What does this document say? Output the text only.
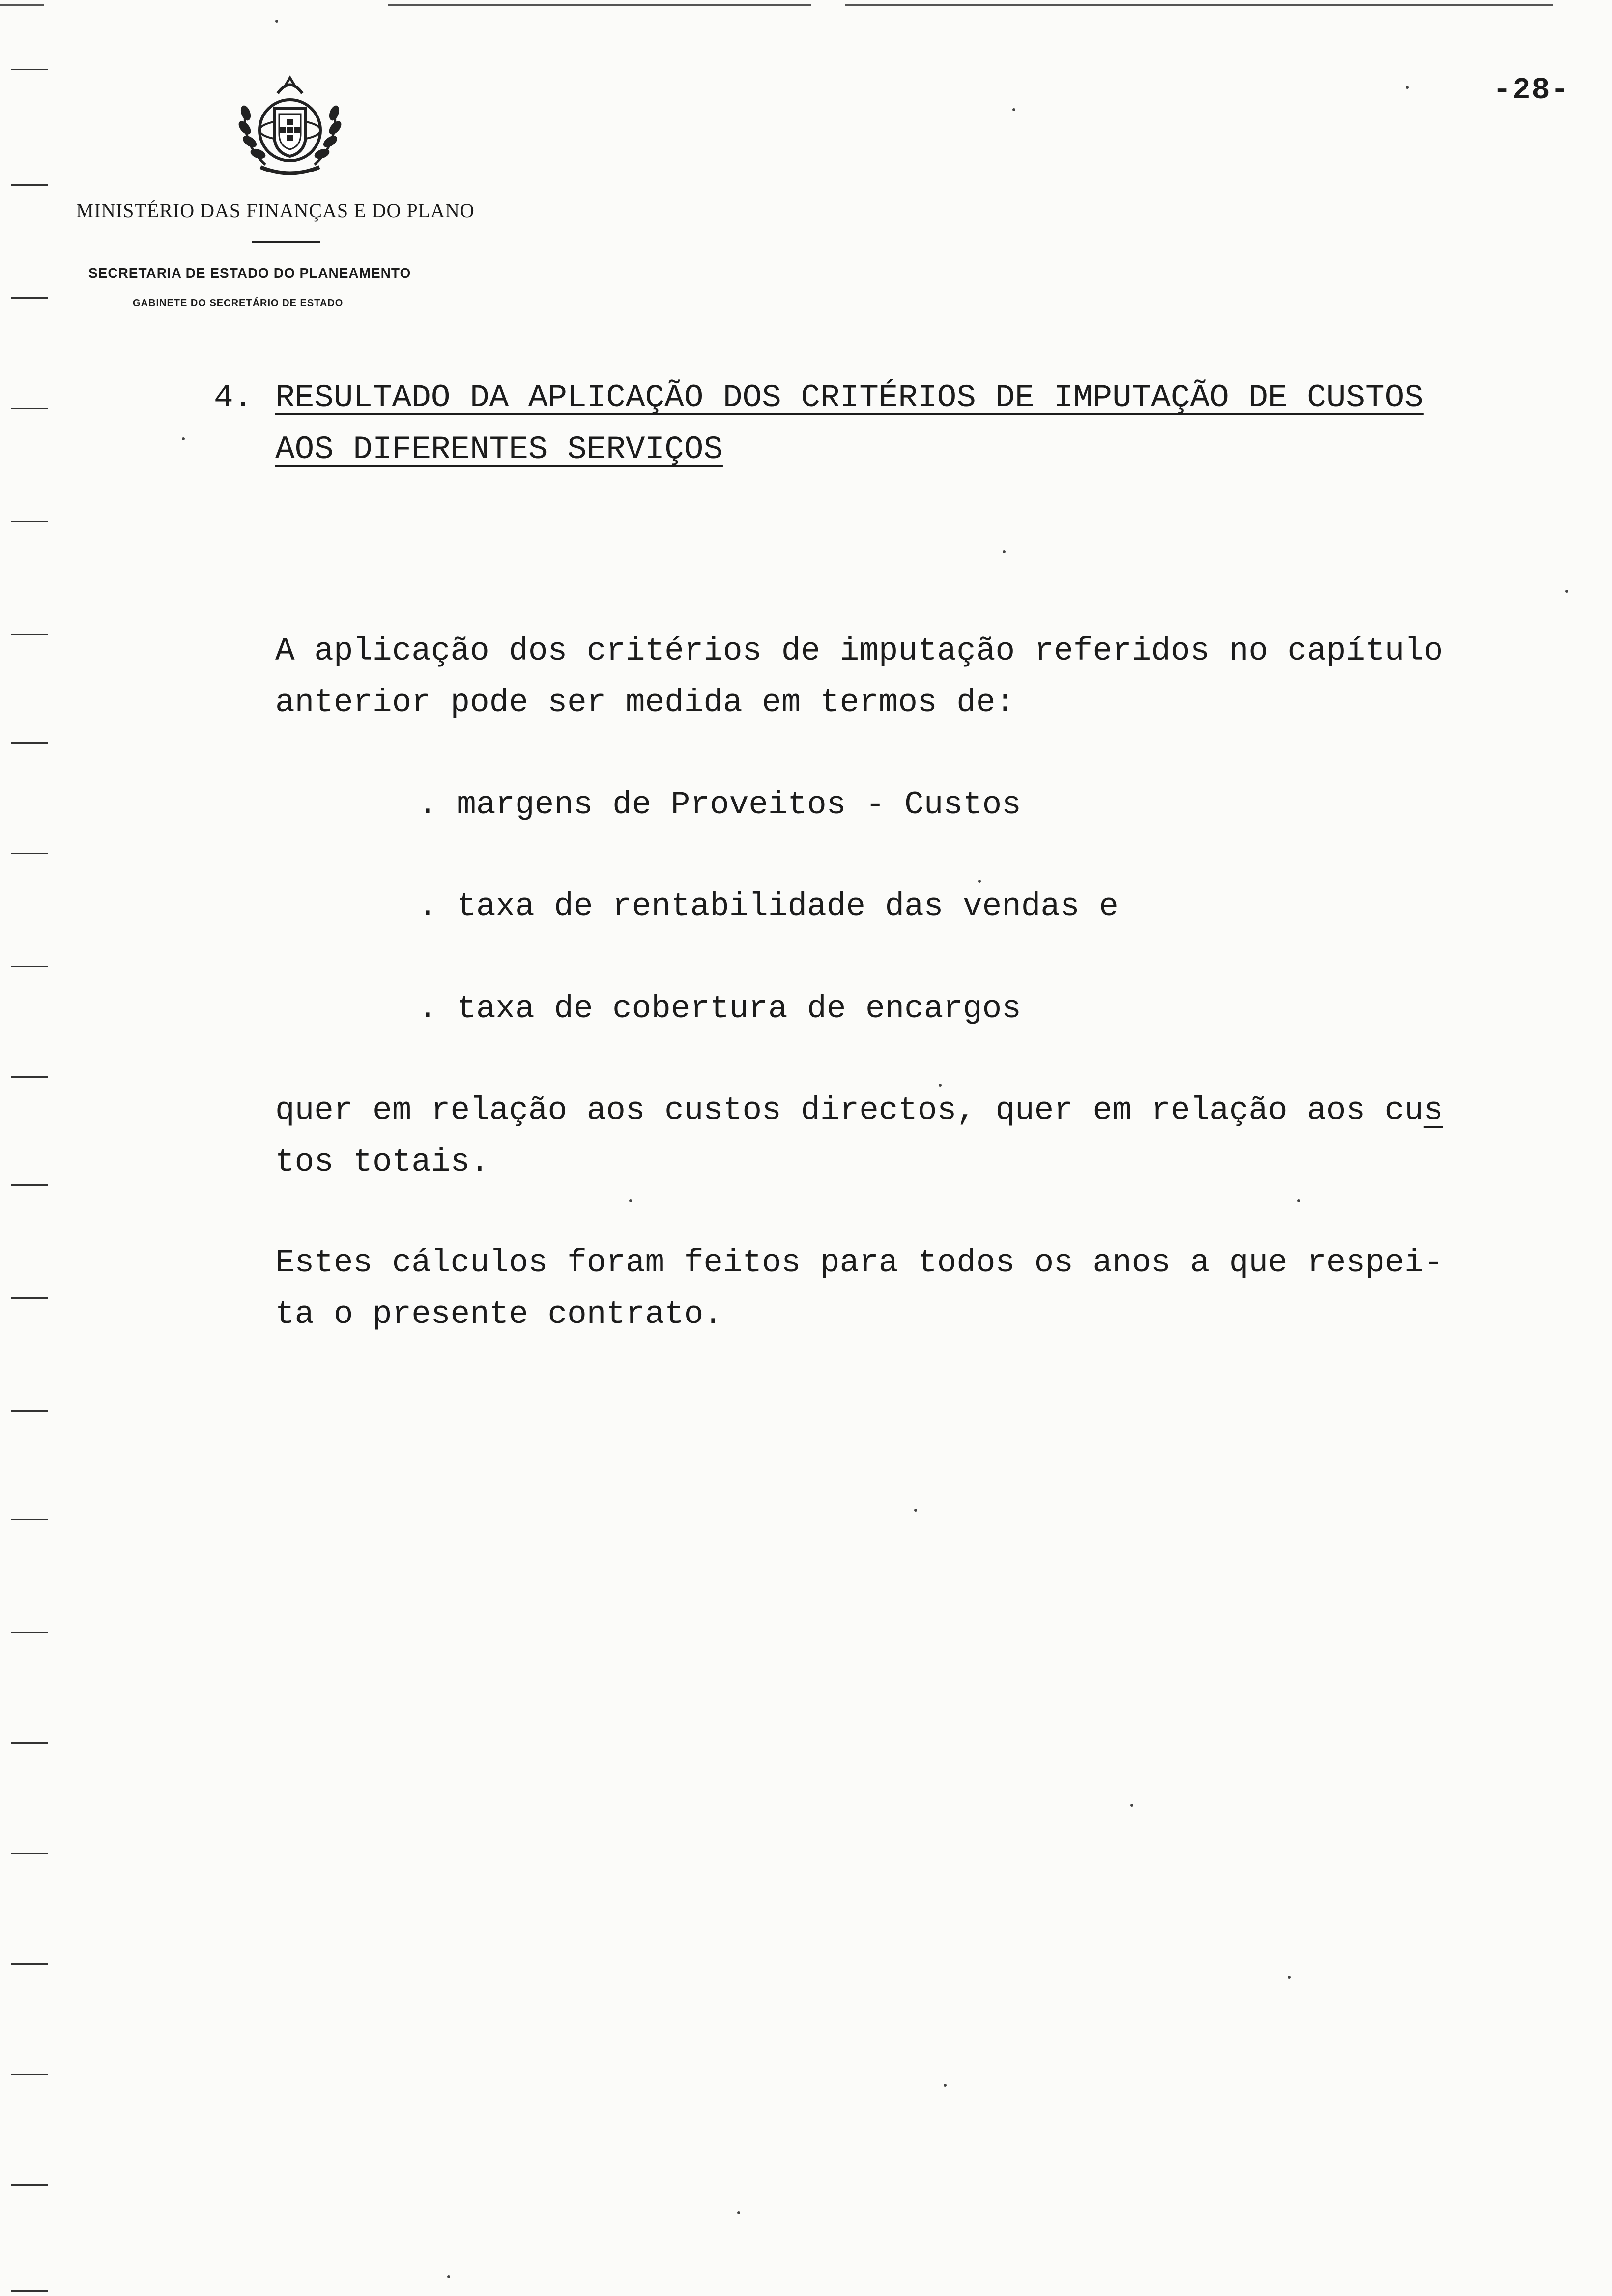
-28-
MINISTÉRIO DAS FINANÇAS E DO PLANO
SECRETARIA DE ESTADO DO PLANEAMENTO
GABINETE DO SECRETÁRIO DE ESTADO
4. RESULTADO DA APLICAÇÃO DOS CRITÉRIOS DE IMPUTAÇÃO DE CUSTOS
AOS DIFERENTES SERVIÇOS
A aplicação dos critérios de imputação referidos no capítulo
anterior pode ser medida em termos de:
. margens de Proveitos - Custos
. taxa de rentabilidade das vendas e
. taxa de cobertura de encargos
quer em relação aos custos directos, quer em relação aos cus
tos totais.
Estes cálculos foram feitos para todos os anos a que respei-
ta o presente contrato.
